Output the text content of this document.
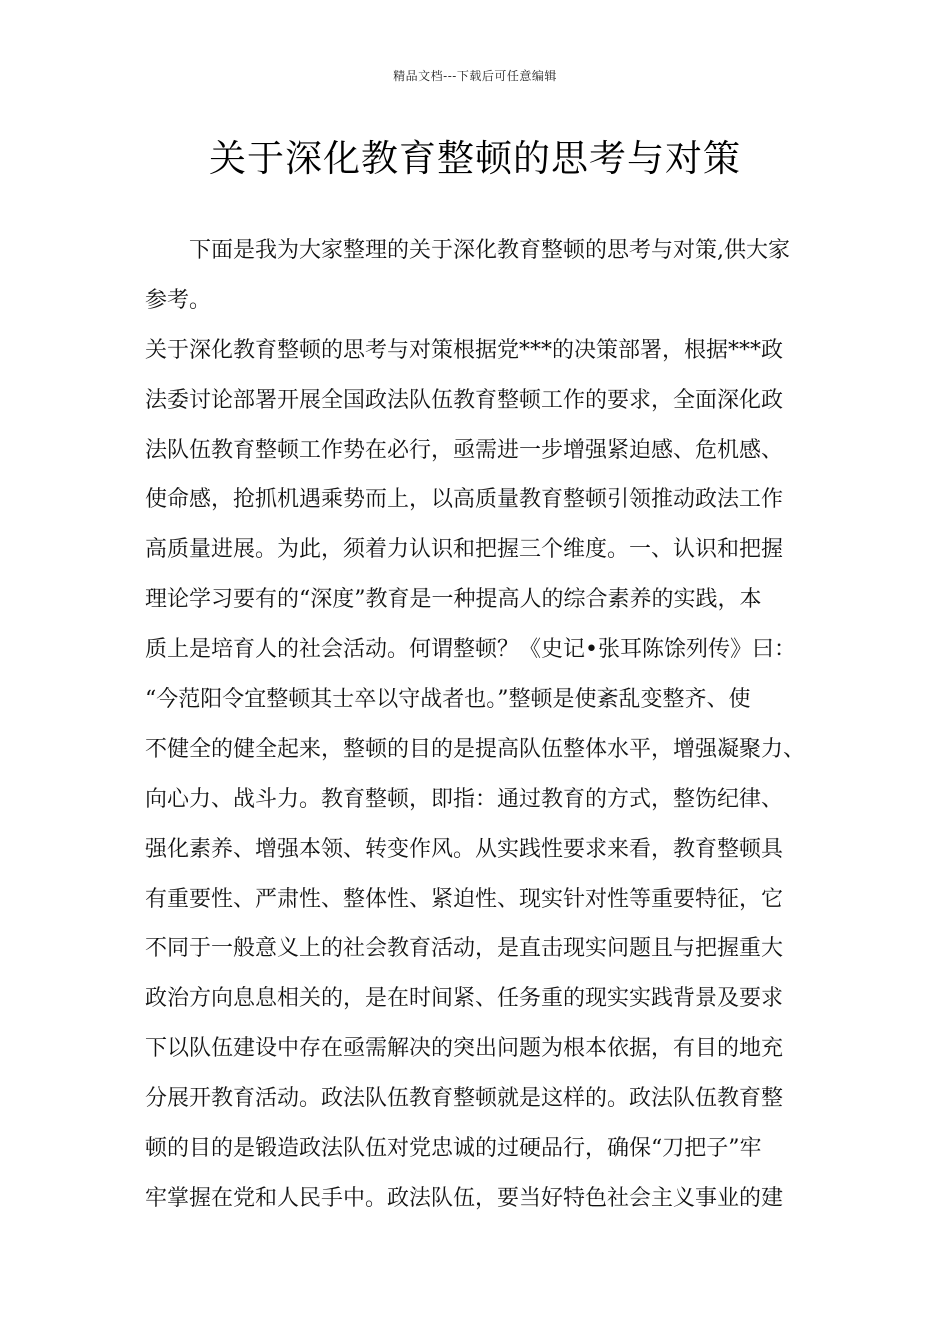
精品文档---下载后可任意编辑
关于深化教育整顿的思考与对策
下面是我为大家整理的关于深化教育整顿的思考与对策,供大家
参考。
关于深化教育整顿的思考与对策根据党***的决策部署，根据***政
法委讨论部署开展全国政法队伍教育整顿工作的要求，全面深化政
法队伍教育整顿工作势在必行，亟需进一步增强紧迫感、危机感、
使命感，抢抓机遇乘势而上，以高质量教育整顿引领推动政法工作
高质量进展。为此，须着力认识和把握三个维度。一、认识和把握
理论学习要有的“深度”教育是一种提高人的综合素养的实践，本
质上是培育人的社会活动。何谓整顿？《史记•张耳陈馀列传》曰：
“今范阳令宜整顿其士卒以守战者也。”整顿是使紊乱变整齐、使
不健全的健全起来，整顿的目的是提高队伍整体水平，增强凝聚力、
向心力、战斗力。教育整顿，即指：通过教育的方式，整饬纪律、
强化素养、增强本领、转变作风。从实践性要求来看，教育整顿具
有重要性、严肃性、整体性、紧迫性、现实针对性等重要特征，它
不同于一般意义上的社会教育活动，是直击现实问题且与把握重大
政治方向息息相关的，是在时间紧、任务重的现实实践背景及要求
下以队伍建设中存在亟需解决的突出问题为根本依据，有目的地充
分展开教育活动。政法队伍教育整顿就是这样的。政法队伍教育整
顿的目的是锻造政法队伍对党忠诚的过硬品行，确保“刀把子”牢
牢掌握在党和人民手中。政法队伍，要当好特色社会主义事业的建
